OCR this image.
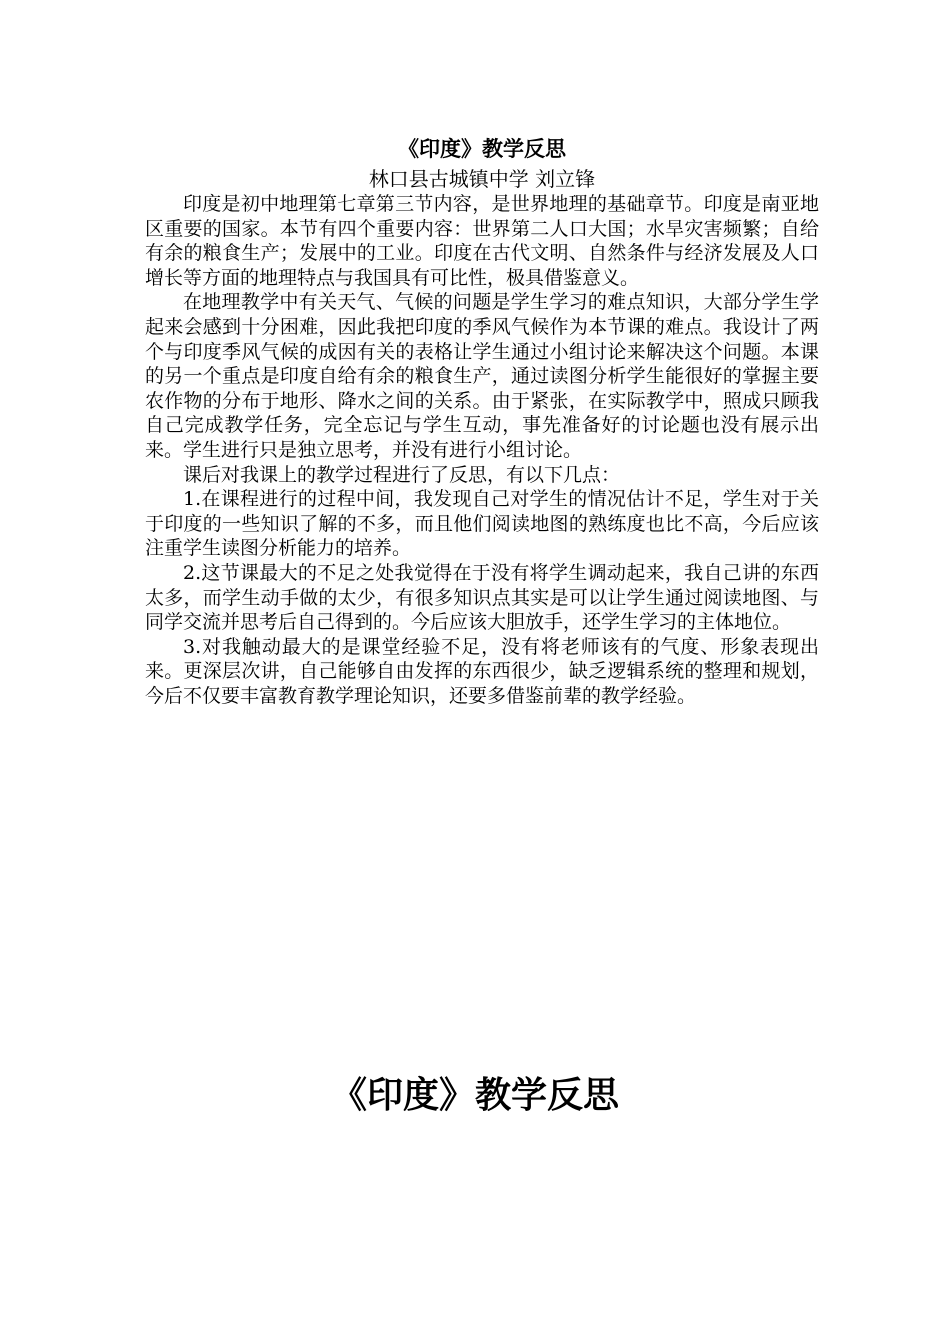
《印度》教学反思

林口县古城镇中学 刘立锋

印度是初中地理第七章第三节内容，是世界地理的基础章节。印度是南亚地区重要的国家。本节有四个重要内容：世界第二人口大国；水旱灾害频繁；自给有余的粮食生产；发展中的工业。印度在古代文明、自然条件与经济发展及人口增长等方面的地理特点与我国具有可比性，极具借鉴意义。

在地理教学中有关天气、气候的问题是学生学习的难点知识，大部分学生学起来会感到十分困难，因此我把印度的季风气候作为本节课的难点。我设计了两个与印度季风气候的成因有关的表格让学生通过小组讨论来解决这个问题。本课的另一个重点是印度自给有余的粮食生产，通过读图分析学生能很好的掌握主要农作物的分布于地形、降水之间的关系。由于紧张，在实际教学中，照成只顾我自己完成教学任务，完全忘记与学生互动，事先准备好的讨论题也没有展示出来。学生进行只是独立思考，并没有进行小组讨论。

课后对我课上的教学过程进行了反思，有以下几点：

1.在课程进行的过程中间，我发现自己对学生的情况估计不足，学生对于关于印度的一些知识了解的不多，而且他们阅读地图的熟练度也比不高，今后应该注重学生读图分析能力的培养。

2.这节课最大的不足之处我觉得在于没有将学生调动起来，我自己讲的东西太多，而学生动手做的太少，有很多知识点其实是可以让学生通过阅读地图、与同学交流并思考后自己得到的。今后应该大胆放手，还学生学习的主体地位。

3.对我触动最大的是课堂经验不足，没有将老师该有的气度、形象表现出来。更深层次讲，自己能够自由发挥的东西很少，缺乏逻辑系统的整理和规划，今后不仅要丰富教育教学理论知识，还要多借鉴前辈的教学经验。

《印度》教学反思
